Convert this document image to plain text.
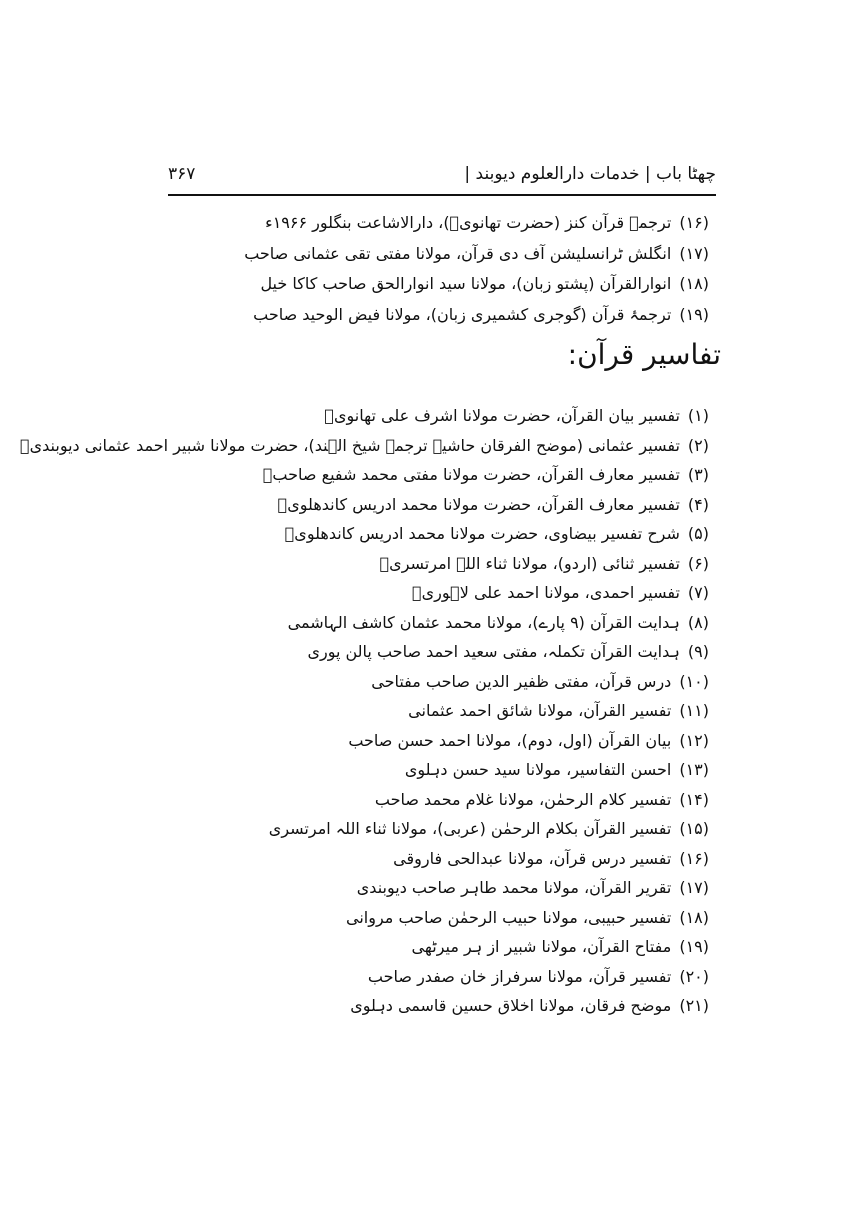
چھٹا باب | خدمات دارالعلوم دیوبند |
۳۶۷
(۱۶)ترجمہ قرآن کنز (حضرت تھانویؒ)، دارالاشاعت بنگلور ۱۹۶۶ء
(۱۷)انگلش ٹرانسلیشن آف دی قرآن، مولانا مفتی تقی عثمانی صاحب
(۱۸)انوارالقرآن (پشتو زبان)، مولانا سید انوارالحق صاحب کاکا خیل
(۱۹)ترجمۂ قرآن (گوجری کشمیری زبان)، مولانا فیض الوحید صاحب
تفاسیر قرآن:
(۱)تفسیر بیان القرآن، حضرت مولانا اشرف علی تھانویؒ
(۲)تفسیر عثمانی (موضح الفرقان حاشیہ ترجمہ شیخ الہند)، حضرت مولانا شبیر احمد عثمانی دیوبندیؒ
(۳)تفسیر معارف القرآن، حضرت مولانا مفتی محمد شفیع صاحبؒ
(۴)تفسیر معارف القرآن، حضرت مولانا محمد ادریس کاندھلویؒ
(۵)شرح تفسیر بیضاوی، حضرت مولانا محمد ادریس کاندھلویؒ
(۶)تفسیر ثنائی (اردو)، مولانا ثناء اللہ امرتسریؒ
(۷)تفسیر احمدی، مولانا احمد علی لاہوریؒ
(۸)ہدایت القرآن (۹ پارے)، مولانا محمد عثمان کاشف الہاشمی
(۹)ہدایت القرآن تکملہ، مفتی سعید احمد صاحب پالن پوری
(۱۰)درس قرآن، مفتی ظفیر الدین صاحب مفتاحی
(۱۱)تفسیر القرآن، مولانا شائق احمد عثمانی
(۱۲)بیان القرآن (اول، دوم)، مولانا احمد حسن صاحب
(۱۳)احسن التفاسیر، مولانا سید حسن دہلوی
(۱۴)تفسیر کلام الرحمٰن، مولانا غلام محمد صاحب
(۱۵)تفسیر القرآن بکلام الرحمٰن (عربی)، مولانا ثناء اللہ امرتسری
(۱۶)تفسیر درس قرآن، مولانا عبدالحی فاروقی
(۱۷)تقریر القرآن، مولانا محمد طاہر صاحب دیوبندی
(۱۸)تفسیر حبیبی، مولانا حبیب الرحمٰن صاحب مروانی
(۱۹)مفتاح القرآن، مولانا شبیر از ہر میرٹھی
(۲۰)تفسیر قرآن، مولانا سرفراز خان صفدر صاحب
(۲۱)موضح فرقان، مولانا اخلاق حسین قاسمی دہلوی
